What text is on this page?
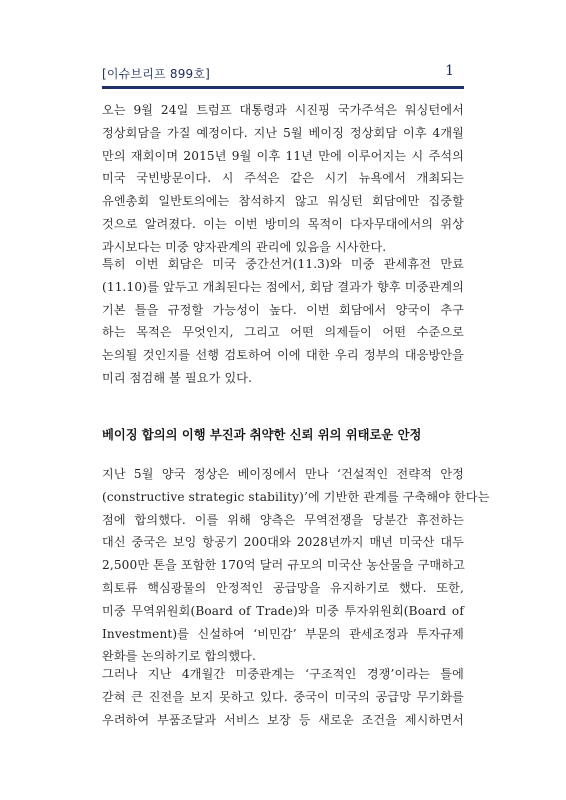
[이슈브리프 899호]	1

오는 9월 24일 트럼프 대통령과 시진핑 국가주석은 워싱턴에서
정상회담을 가질 예정이다. 지난 5월 베이징 정상회담 이후 4개월
만의 재회이며 2015년 9월 이후 11년 만에 이루어지는 시 주석의
미국 국빈방문이다. 시 주석은 같은 시기 뉴욕에서 개최되는
유엔총회 일반토의에는 참석하지 않고 워싱턴 회담에만 집중할
것으로 알려졌다. 이는 이번 방미의 목적이 다자무대에서의 위상
과시보다는 미중 양자관계의 관리에 있음을 시사한다.

특히 이번 회담은 미국 중간선거(11.3)와 미중 관세휴전 만료
(11.10)를 앞두고 개최된다는 점에서, 회담 결과가 향후 미중관계의
기본 틀을 규정할 가능성이 높다. 이번 회담에서 양국이 추구
하는 목적은 무엇인지, 그리고 어떤 의제들이 어떤 수준으로
논의될 것인지를 선행 검토하여 이에 대한 우리 정부의 대응방안을
미리 점검해 볼 필요가 있다.

베이징 합의의 이행 부진과 취약한 신뢰 위의 위태로운 안정

지난 5월 양국 정상은 베이징에서 만나 ‘건설적인 전략적 안정
(constructive strategic stability)’에 기반한 관계를 구축해야 한다는
점에 합의했다. 이를 위해 양측은 무역전쟁을 당분간 휴전하는
대신 중국은 보잉 항공기 200대와 2028년까지 매년 미국산 대두
2,500만 톤을 포함한 170억 달러 규모의 미국산 농산물을 구매하고
희토류 핵심광물의 안정적인 공급망을 유지하기로 했다. 또한,
미중 무역위원회(Board of Trade)와 미중 투자위원회(Board of
Investment)를 신설하여 ‘비민감’ 부문의 관세조정과 투자규제
완화를 논의하기로 합의했다.

그러나 지난 4개월간 미중관계는 ‘구조적인 경쟁’이라는 틀에
갇혀 큰 진전을 보지 못하고 있다. 중국이 미국의 공급망 무기화를
우려하여 부품조달과 서비스 보장 등 새로운 조건을 제시하면서
